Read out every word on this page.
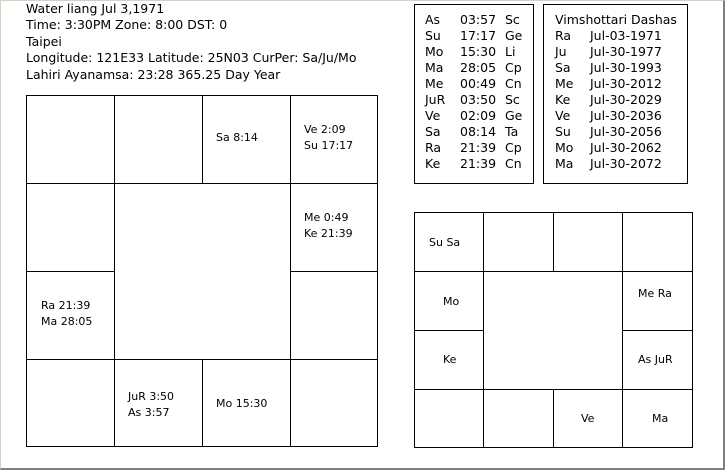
Water liang Jul 3,1971
Time: 3:30PM Zone: 8:00 DST: 0
Taipei
Longitude: 121E33 Latitude: 25N03 CurPer: Sa/Ju/Mo
Lahiri Ayanamsa: 23:28 365.25 Day Year
Sa 8:14
Ve 2:09
Su 17:17
Me 0:49
Ke 21:39
Ra 21:39
Ma 28:05
JuR 3:50
As 3:57
Mo 15:30
As 03:57 Sc
Su 17:17 Ge
Mo 15:30 Li
Ma 28:05 Cp
Me 00:49 Cn
JuR 03:50 Sc
Ve 02:09 Ge
Sa 08:14 Ta
Ra 21:39 Cp
Ke 21:39 Cn
Vimshottari Dashas
Ra Jul-03-1971
Ju Jul-30-1977
Sa Jul-30-1993
Me Jul-30-2012
Ke Jul-30-2029
Ve Jul-30-2036
Su Jul-30-2056
Mo Jul-30-2062
Ma Jul-30-2072
Su Sa
Mo
Me Ra
Ke	As JuR
Ve	Ma
